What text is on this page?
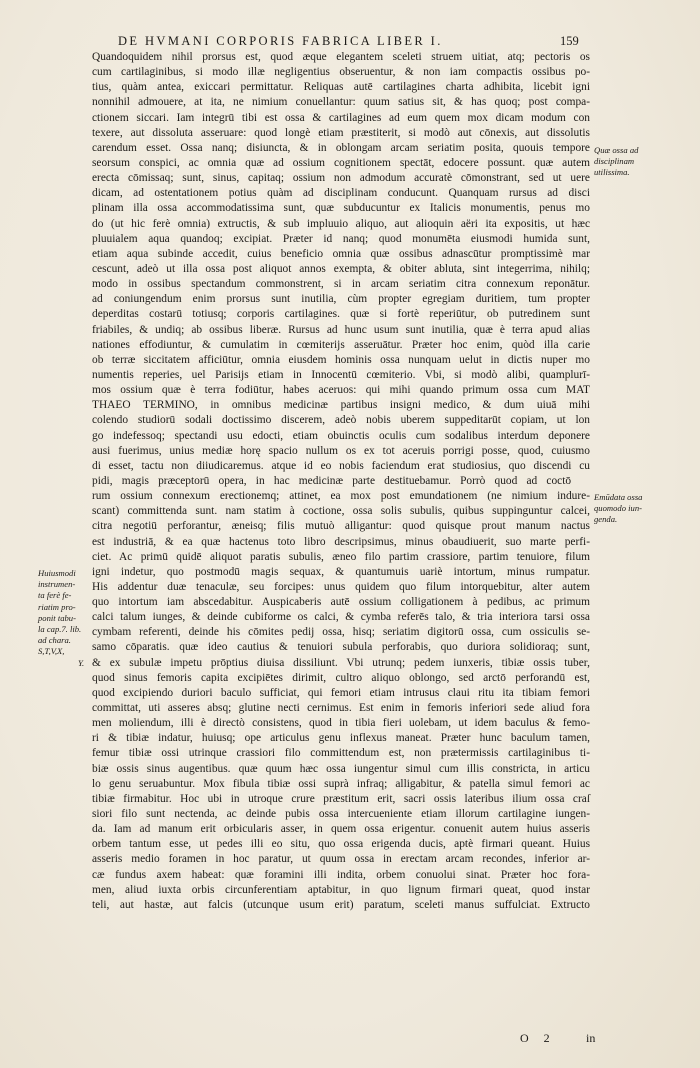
DE HVMANI CORPORIS FABRICA LIBER I.	159
Quandoquidem nihil prorsus est, quod æque elegantem sceleti struem uitiat, atq; pectoris os
cum cartilaginibus, si modo illæ negligentius obseruentur, & non iam compactis ossibus po-
tius, quàm antea, exiccari permittatur. Reliquas autē cartilagines charta adhibita, licebit igni
nonnihil admouere, at ita, ne nimium conuellantur: quum satius sit, & has quoq; post compa-
ctionem siccari. Iam integrū tibi est ossa & cartilagines ad eum quem mox dicam modum con
texere, aut dissoluta asseruare: quod longè etiam præstiterit, si modò aut cōnexis, aut dissolutis
carendum esset. Ossa nanq; disiuncta, & in oblongam arcam seriatim posita, quouis tempore
seorsum conspici, ac omnia quæ ad ossium cognitionem spectāt, edocere possunt. quæ autem
erecta cōmissaq; sunt, sinus, capitaq; ossium non admodum accuratè cōmonstrant, sed ut uere
dicam, ad ostentationem potius quàm ad disciplinam conducunt. Quanquam rursus ad disci
plinam illa ossa accommodatissima sunt, quæ subducuntur ex Italicis monumentis, penus mo
do (ut hic ferè omnia) extructis, & sub impluuio aliquo, aut alioquin aëri ita expositis, ut hæc
pluuialem aqua quandoq; excipiat. Præter id nanq; quod monumēta eiusmodi humida sunt,
etiam aqua subinde accedit, cuius beneficio omnia quæ ossibus adnascūtur promptissimè mar
cescunt, adeò ut illa ossa post aliquot annos exempta, & obiter abluta, sint integerrima, nihilq;
modo in ossibus spectandum commonstrent, si in arcam seriatim citra connexum reponātur.
ad coniungendum enim prorsus sunt inutilia, cùm propter egregiam duritiem, tum propter
deperditas costarū totiusq; corporis cartilagines. quæ si fortè reperiūtur, ob putredinem sunt
friabiles, & undiq; ab ossibus liberæ. Rursus ad hunc usum sunt inutilia, quæ è terra apud alias
nationes effodiuntur, & cumulatim in cœmiterijs asseruātur. Præter hoc enim, quòd illa carie
ob terræ siccitatem afficiūtur, omnia eiusdem hominis ossa nunquam uelut in dictis nuper mo
numentis reperies, uel Parisijs etiam in Innocentū cœmiterio. Vbi, si modò alibi, quamplurī-
mos ossium quæ è terra fodiūtur, habes aceruos: qui mihi quando primum ossa cum MAT
THAEO TERMINO, in omnibus medicinæ partibus insigni medico, & dum uiuā mihi
colendo studiorū sodali doctissimo discerem, adeò nobis uberem suppeditarūt copiam, ut lon
go indefessoq; spectandi usu edocti, etiam obuinctis oculis cum sodalibus interdum deponere
ausi fuerimus, unius mediæ horę spacio nullum os ex tot aceruis porrigi posse, quod, cuiusmo
di esset, tactu non diiudicaremus. atque id eo nobis faciendum erat studiosius, quo discendi cu
pidi, magis præceptorū opera, in hac medicinæ parte destituebamur. Porrò quod ad coctō
rum ossium connexum erectionemq; attinet, ea mox post emundationem (ne nimium indure-
scant) committenda sunt. nam statim à coctione, ossa solis subulis, quibus suppinguntur calcei,
citra negotiū perforantur, æneisq; filis mutuò alligantur: quod quisque prout manum nactus
est industriā, & ea quæ hactenus toto libro descripsimus, minus obaudiuerit, suo marte perfi-
ciet. Ac primū quidē aliquot paratis subulis, æneo filo partim crassiore, partim tenuiore, filum
igni indetur, quo postmodū magis sequax, & quantumuis uariè intortum, minus rumpatur.
His addentur duæ tenaculæ, seu forcipes: unus quidem quo filum intorquebitur, alter autem
quo intortum iam abscedabitur. Auspicaberis autē ossium colligationem à pedibus, ac primum
calci talum iunges, & deinde cubiforme os calci, & cymba referēs talo, & tria interiora tarsi ossa
cymbam referenti, deinde his cōmites pedij ossa, hisq; seriatim digitorū ossa, cum ossiculis se-
samo cōparatis. quæ ideo cautius & tenuiori subula perforabis, quo duriora solidioraq; sunt,
& ex subulæ impetu prōptius diuisa dissiliunt. Vbi utrunq; pedem iunxeris, tibiæ ossis tuber,
quod sinus femoris capita excipiētes dirimit, cultro aliquo oblongo, sed arctō perforandū est,
quod excipiendo duriori baculo sufficiat, qui femori etiam intrusus claui ritu ita tibiam femori
committat, uti asseres absq; glutine necti cernimus. Est enim in femoris inferiori sede aliud fora
men moliendum, illi è directò consistens, quod in tibia fieri uolebam, ut idem baculus & femo-
ri & tibiæ indatur, huiusq; ope articulus genu inflexus maneat. Præter hunc baculum tamen,
femur tibiæ ossi utrinque crassiori filo committendum est, non prætermissis cartilaginibus ti-
biæ ossis sinus augentibus. quæ quum hæc ossa iungentur simul cum illis constricta, in articu
lo genu seruabuntur. Mox fibula tibiæ ossi suprà infraq; alligabitur, & patella simul femori ac
tibiæ firmabitur. Hoc ubi in utroque crure præstitum erit, sacri ossis lateribus ilium ossa craſ
siori filo sunt nectenda, ac deinde pubis ossa intercueniente etiam illorum cartilagine iungen-
da. Iam ad manum erit orbicularis asser, in quem ossa erigentur. conuenit autem huius asseris
orbem tantum esse, ut pedes illi eo situ, quo ossa erigenda ducis, aptè firmari queant. Huius
asseris medio foramen in hoc paratur, ut quum ossa in erectam arcam recondes, inferior ar-
cæ fundus axem habeat: quæ foramini illi indita, orbem conuolui sinat. Præter hoc fora-
men, aliud iuxta orbis circunferentiam aptabitur, in quo lignum firmari queat, quod instar
teli, aut hastæ, aut falcis (utcunque usum erit) paratum, sceleti manus suffulciat. Extructo
Quæ ossa ad
disciplinam
utilissima.
Emūdata ossa
quomodo iun-
genda.
Huiusmodi
instrumen-
ta ferè fe-
riatim pro-
ponit tabu-
la cap.7. lib.
ad chara.
S,T,V,X,
Y.
O 2	in
